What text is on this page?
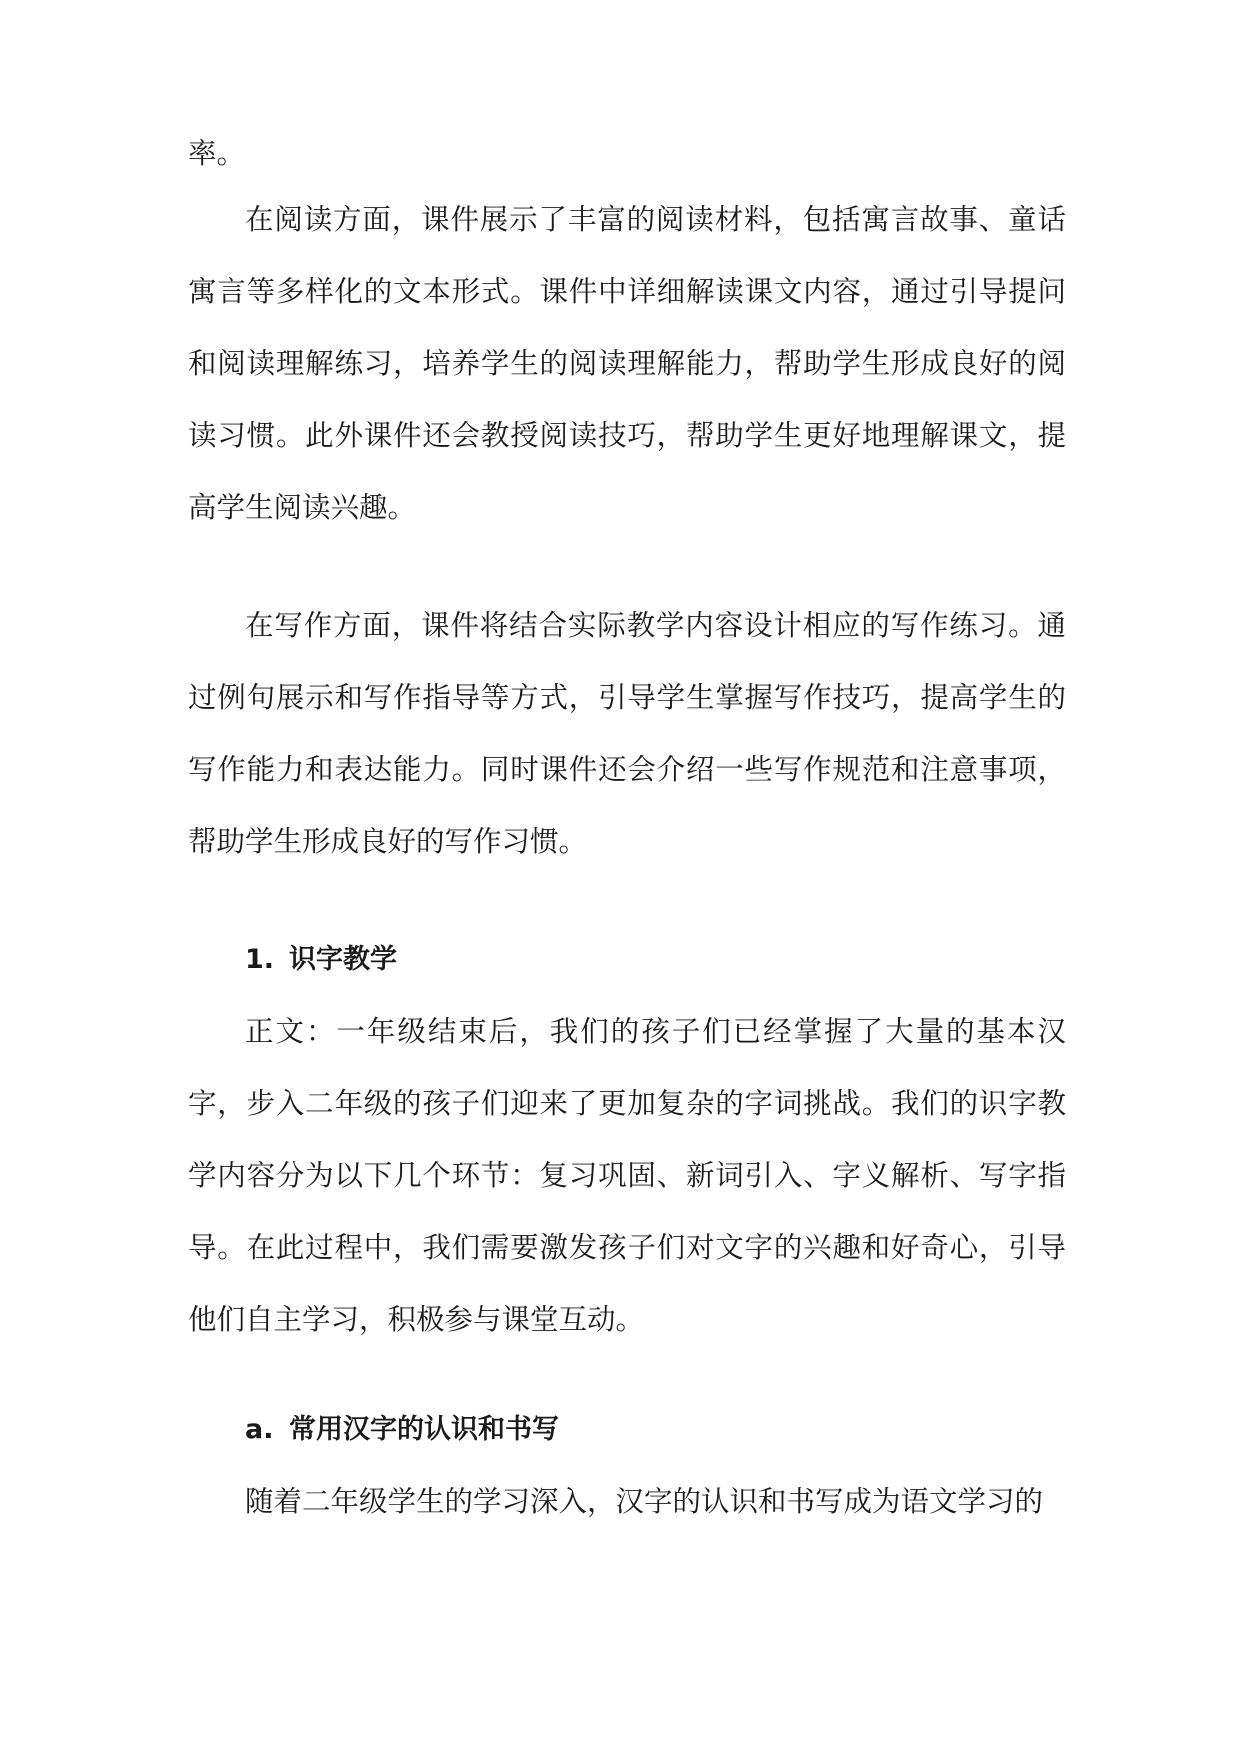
率。

在阅读方面，课件展示了丰富的阅读材料，包括寓言故事、童话寓言等多样化的文本形式。课件中详细解读课文内容，通过引导提问和阅读理解练习，培养学生的阅读理解能力，帮助学生形成良好的阅读习惯。此外课件还会教授阅读技巧，帮助学生更好地理解课文，提高学生阅读兴趣。

在写作方面，课件将结合实际教学内容设计相应的写作练习。通过例句展示和写作指导等方式，引导学生掌握写作技巧，提高学生的写作能力和表达能力。同时课件还会介绍一些写作规范和注意事项，帮助学生形成良好的写作习惯。

1. 识字教学

正文：一年级结束后，我们的孩子们已经掌握了大量的基本汉字，步入二年级的孩子们迎来了更加复杂的字词挑战。我们的识字教学内容分为以下几个环节：复习巩固、新词引入、字义解析、写字指导。在此过程中，我们需要激发孩子们对文字的兴趣和好奇心，引导他们自主学习，积极参与课堂互动。

a. 常用汉字的认识和书写

随着二年级学生的学习深入，汉字的认识和书写成为语文学习的
